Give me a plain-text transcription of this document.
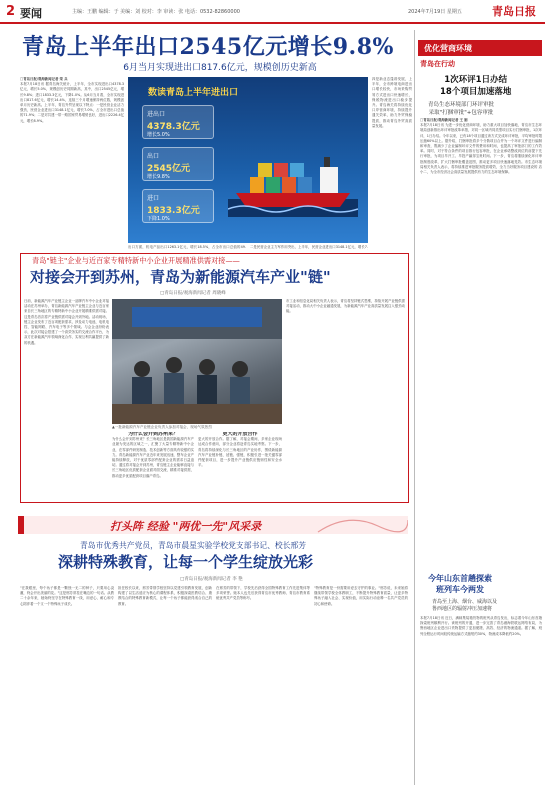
2 要闻	主编：王鹏 编辑：于 美编：刘 校对：李 审读：张 电话：0532-82860000	2024年7月19日 星期五	青岛日报
青岛上半年出口2545亿元增长9.8%
6月当月实现进出口817.6亿元，规模创历史新高
□青岛日报/观海新闻记者 栾 兵
本报7月18日讯 据青岛海关统计，上半年，全市实现进出口4378.3亿元，增长5.0%，规模创历史同期新高，其中，出口2545亿元，增长9.8%；进口1833.3亿元，下降1.0%。从6月当月看，全市实现进出口817.6亿元，增长14.4%，连续三个月增速保持两位数，规模创单月历史新高。上半年，青岛外贸呈现以下特点：一是民营企业活力强劲，民营企业进出口3148.1亿元，增长7.0%，占全市进出口总值的71.9%；二是对共建一带一路国家贸易增势良好，进出口2226.4亿元，增长8.9%。
数读青岛上半年进出口
进出口
4378.3亿元
增长5.0%
出口
2545亿元
增长9.8%
进口
1833.3亿元
下降1.0%
四是新业态蓬勃发展，上半年，全市跨境电商进出口增长较快，市场采购贸易方式进出口快速增长，保税物流进出口稳步提升。青岛海关将持续优化口岸营商环境，持续提升通关效率，助力外贸保稳提质，推动青岛外贸高质量发展。
出口方面，机电产品出口1263.1亿元，增长18.5%，占全市出口总值的49. 二是民营企业主力军作用突出，上半年，民营企业进出口3148.1亿元，增长7.
优化营商环境
青岛在行动
1次环评1日办结
18个项目加速落地
青岛生态环境部门环评审批
采取"打捆审批"+包容审批
□青岛日报/观海新闻记者 王 娟
本报7月18日讯 为进一步优化营商环境，助力重大项目加快落地，青岛市生态环境局创新推出环评审批改革举措，对同一区域内同类型项目实行打捆审批，1次环评，1日办结。今年以来，已有18个项目通过该方式完成环评审批，平均审批时限压缩60%以上。据介绍，打捆审批将多个分散项目合并为一个环评文件进行编制和审查，既减少了企业编制环评文件的费用和时间，也提高了审批部门的工作效率。同时，对于符合条件的项目推行包容审批，在企业承诺整改到位的前提下先行审批，为项目早开工、早投产赢得宝贵时间。下一步，青岛将继续深化环评审批制度改革，扩大打捆审批覆盖范围，推动更多项目快速落地见效。市生态环境局相关负责人表示，将持续推进审批服务提质增效，全力当好服务项目建设的 店小二，为全市经济社会高质量发展提供有力的生态环境保障。
今年山东首趟探索
班列车今两发
青岛至上海、烟台、威海以及
鲁西地区的辐射冲压加速将
本报7月18日讯 近日，满载集装箱货物的班列从青岛发出，标志着今年山东首趟探索班列顺利开行。该班列的开通，进一步完善了青岛港海铁联运网络布局，为鲁西地区企业进出口货物提供了更加便捷、高效、经济的物流通道。据了解，班列全程运行时间较传统运输方式缩短约30%，物流成本降低约20%。
青岛"链主"企业与近百家专精特新中小企业开展精准供需对接——
对接会开到苏州，青岛为新能源汽车产业"链"
□青岛日报/观海新闻记者 周晓峰
日前，新能源汽车产业链主企业一品牌汽车中小企业对接活动在苏州举办，青岛新能源汽车产业链主企业与近百家来自长三角地区的专精特新中小企业开展精准供需对接。这是青岛首次将产业链供需对接会开到外地。活动现场，链主企业发布了近百项配套需求，涉及动力电池、电机电控、智能网联、汽车电子等多个领域。与会企业纷纷表示，此次对接会搭建了一个高效务实的交流合作平台，为双方在新能源汽车领域深化合作、实现互利共赢提供了新的机遇。
▲一批新能源汽车产业链企业负责人参加对接会，现场气氛热烈
为什么会开到苏州来？
为什么会开到苏州来？长三角地区是我国新能源汽车产业最为发达的区域之一，汇聚了大量专精特新中小企业，在零部件研发制造、技术创新等方面具有较强的实力。青岛新能源汽车产业近年来发展迅速，整车企业产能持续释放，对于优质零部件配套企业的需求日益迫切。通过将对接会开到苏州，青岛链主企业能够直接与长三角地区优质配套企业面对面交流，精准对接供需，推动更多优质配套项目落户青岛。
更大的开放合作
更大的开放合作。据了解，对接会期间，多家企业现场达成合作意向，部分企业将赴青岛实地考察。下一步，青岛将持续深化与长三角地区的产业协作，围绕新能源汽车产业链补链、延链、强链，积极引进一批关键零部件配套项目，进一步提升产业链供应链韧性和安全水平。
市工业和信息化局相关负责人表示，青岛将坚持链式思维，持续开展产业链供需对接活动，推动大中小企业融通发展，为新能源汽车产业高质量发展注入强劲动能。
打头阵 经验 "两优一先"风采录
青岛市优秀共产党员，青岛市晨星实验学校党支部书记、校长邢芳
深耕特殊教育，让每一个学生绽放光彩
□青岛日报/观海新闻记者 李 艳
"在我眼里，每个孩子都是一颗独一无二的种子，只要用心浇灌，终会开出美丽的花。"这是邢芳常挂在嘴边的一句话。从教二十余年来，她始终坚守在特殊教育一线，用爱心、耐心和专心陪伴着一个又一个特殊孩子成长。
担任校长以来，邢芳带领学校坚持以党建引领教育发展，创新构建了以生活适应为核心的课程体系，积极探索医教结合、康教结合的特殊教育新模式，让每一个孩子都能获得适合自己的教育。
在邢芳的带领下，学校先后获得全国特殊教育工作先进集体等多项荣誉。她本人也先后获得青岛市优秀教师、青岛市教育系统优秀共产党员等称号。
"特殊教育是一份需要用爱去守护的事业。"邢芳说，未来她将继续带领学校全体教职工，不断提升特殊教育质量，让更多特殊孩子融入社会、实现价值，用实际行动诠释一名共产党员的初心和使命。
